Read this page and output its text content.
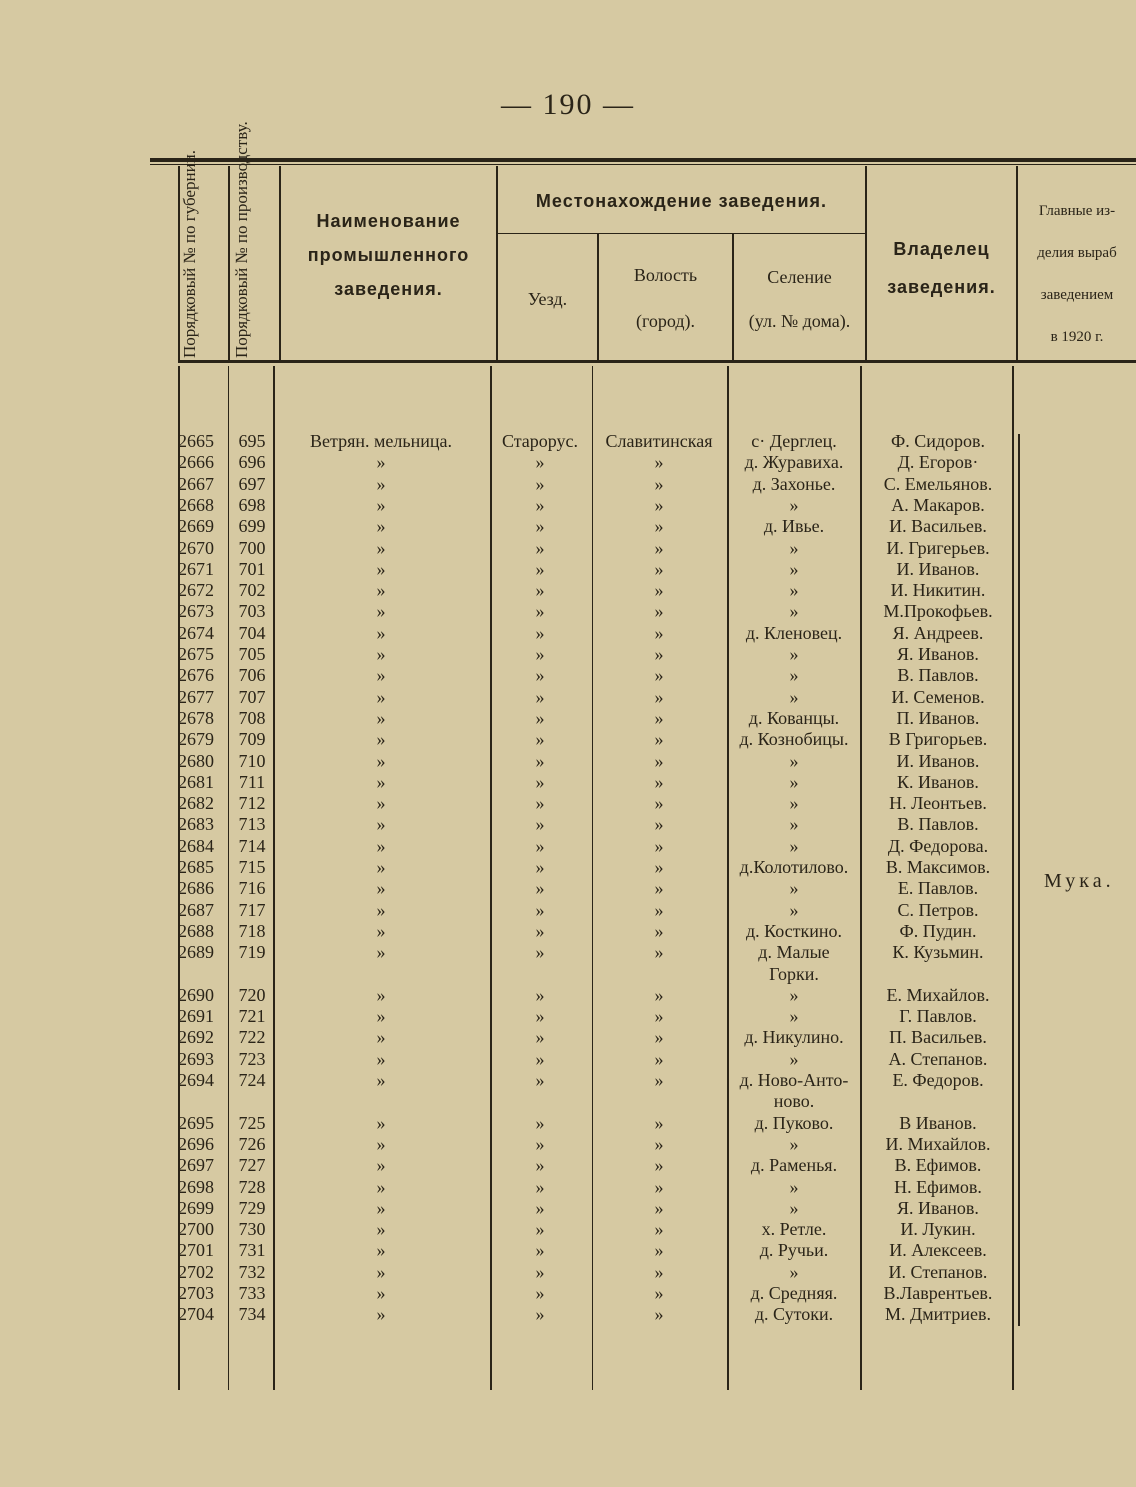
— 190 —
Порядковый № по губернии. Порядковый № по производству.	Наименование
промышленного
заведения.
Местонахождение заведения.
Уезд.
Волость
(город).
Селение
(ул. № дома).
Владелец
заведения.
Главные из-
делия выраб
заведением
в 1920 г.
2665	695	Ветрян. мельница.	Старорус.	Славитинская	с· Дерглец.	Ф. Сидоров.
2666	696	»	»	»	д. Журавиха.	Д. Егоров·
2667	697	»	»	»	д. Захонье.	С. Емельянов.
2668	698	»	»	»	»	А. Макаров.
2669	699	»	»	»	д. Ивье.	И. Васильев.
2670	700	»	»	»	»	И. Григерьев.
2671	701	»	»	»	»	И. Иванов.
2672	702	»	»	»	»	И. Никитин.
2673	703	»	»	»	»	М.Прокофьев.
2674	704	»	»	»	д. Кленовец.	Я. Андреев.
2675	705	»	»	»	»	Я. Иванов.
2676	706	»	»	»	»	В. Павлов.
2677	707	»	»	»	»	И. Семенов.
2678	708	»	»	»	д. Кованцы.	П. Иванов.
2679	709	»	»	»	д. Кознобицы.	В Григорьев.
2680	710	»	»	»	»	И. Иванов.
2681	711	»	»	»	»	К. Иванов.
2682	712	»	»	»	»	Н. Леонтьев.
2683	713	»	»	»	»	В. Павлов.
2684	714	»	»	»	»	Д. Федорова.
2685	715	»	»	»	д.Колотилово.	В. Максимов.
2686	716	»	»	»	»	Е. Павлов.
2687	717	»	»	»	»	С. Петров.
2688	718	»	»	»	д. Косткино.	Ф. Пудин.
2689	719	»	»	»	д. Малые	К. Кузьмин.
Горки.
2690	720	»	»	»	»	Е. Михайлов.
2691	721	»	»	»	»	Г. Павлов.
2692	722	»	»	»	д. Никулино.	П. Васильев.
2693	723	»	»	»	»	А. Степанов.
2694	724	»	»	»	д. Ново-Анто-	Е. Федоров.
ново.
2695	725	»	»	»	д. Пуково.	В Иванов.
2696	726	»	»	»	»	И. Михайлов.
2697	727	»	»	»	д. Раменья.	В. Ефимов.
2698	728	»	»	»	»	Н. Ефимов.
2699	729	»	»	»	»	Я. Иванов.
2700	730	»	»	»	х. Ретле.	И. Лукин.
2701	731	»	»	»	д. Ручьи.	И. Алексеев.
2702	732	»	»	»	»	И. Степанов.
2703	733	»	»	»	д. Средняя.	В.Лаврентьев.
2704	734	»	»	»	д. Сутоки.	М. Дмитриев.
Мука.
